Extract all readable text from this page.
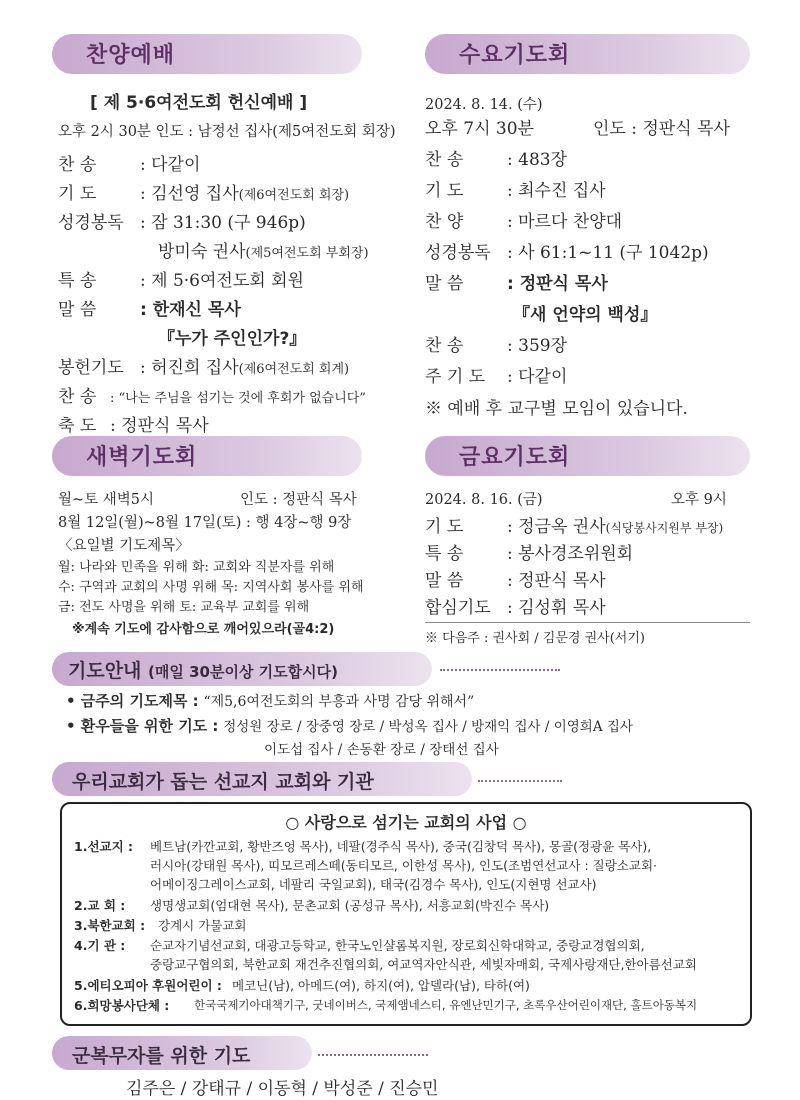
찬양예배
[ 제 5·6여전도회 헌신예배 ]
오후 2시 30분 인도 : 남정선 집사(제5여전도회 회장)
찬 송	: 다같이
기 도	: 김선영 집사(제6여전도회 회장)
성경봉독 : 잠 31:30 (구 946p)
방미숙 권사(제5여전도회 부회장)
특 송	: 제 5·6여전도회 회원
말 씀	: 한재신 목사
『누가 주인인가?』
봉헌기도 : 허진희 집사(제6여전도회 회계)
찬 송 : “나는 주님을 섬기는 것에 후회가 없습니다”
축 도 : 정판식 목사
새벽기도회
월~토 새벽5시	인도 : 정판식 목사
8월 12일(월)~8월 17일(토) : 행 4장~행 9장
〈요일별 기도제목〉
월: 나라와 민족을 위해 화: 교회와 직분자를 위해
수: 구역과 교회의 사명 위해 목: 지역사회 봉사를 위해
금: 전도 사명을 위해 토: 교육부 교회를 위해
※계속 기도에 감사함으로 깨어있으라(골4:2)
수요기도회
2024. 8. 14. (수)
오후 7시 30분	인도 : 정판식 목사
찬 송	: 483장
기 도	: 최수진 집사
찬 양	: 마르다 찬양대
성경봉독 : 사 61:1~11 (구 1042p)
말 씀	: 정판식 목사
『새 언약의 백성』
찬 송	: 359장
주 기 도 : 다같이
※ 예배 후 교구별 모임이 있습니다.
금요기도회
2024. 8. 16. (금)	오후 9시
기 도	: 정금옥 권사(식당봉사지원부 부장)
특 송	: 봉사경조위원회
말 씀	: 정판식 목사
합심기도 : 김성휘 목사
※ 다음주 : 권사회 / 김문경 권사(서기)
기도안내 (매일 30분이상 기도합시다)
• 금주의 기도제목 : “제5,6여전도회의 부흥과 사명 감당 위해서”
• 환우들을 위한 기도 : 정성원 장로 / 장중영 장로 / 박성옥 집사 / 방재익 집사 / 이영희A 집사
이도섭 집사 / 손동환 장로 / 장태선 집사
우리교회가 돕는 선교지 교회와 기관
○ 사랑으로 섬기는 교회의 사업 ○
1.선교지 : 베트남(카깐교회, 황반즈엉 목사), 네팔(경주식 목사), 중국(김창덕 목사), 몽골(정광윤 목사),
러시아(강태원 목사), 띠모르레스떼(동티모르, 이한성 목사), 인도(조범연선교사 : 질랑소교회·
어메이징그레이스교회, 네팔리 국일교회), 태국(김경수 목사), 인도(지현명 선교사)
2.교 회 : 생명생교회(엄대현 목사), 문촌교회 (공성규 목사), 서흥교회(박진수 목사)
3.북한교회 : 강계시 가물교회
4.기 관 : 순교자기념선교회, 대광고등학교, 한국노인샬롬복지원, 장로회신학대학교, 중랑교경협의회,
중랑교구협의회, 북한교회 재건추진협의회, 여교역자안식관, 세빛자매회, 국제사랑재단,한아름선교회
5.에티오피아 후원어린이 : 메코닌(남), 아메드(여), 하지(여), 압델라(남), 타하(여)
6.희망봉사단체 : 한국국제기아대책기구, 굿네이버스, 국제앰네스티, 유엔난민기구, 초록우산어린이재단, 홀트아동복지
군복무자를 위한 기도
김주은 / 강태규 / 이동혁 / 박성준 / 진승민
